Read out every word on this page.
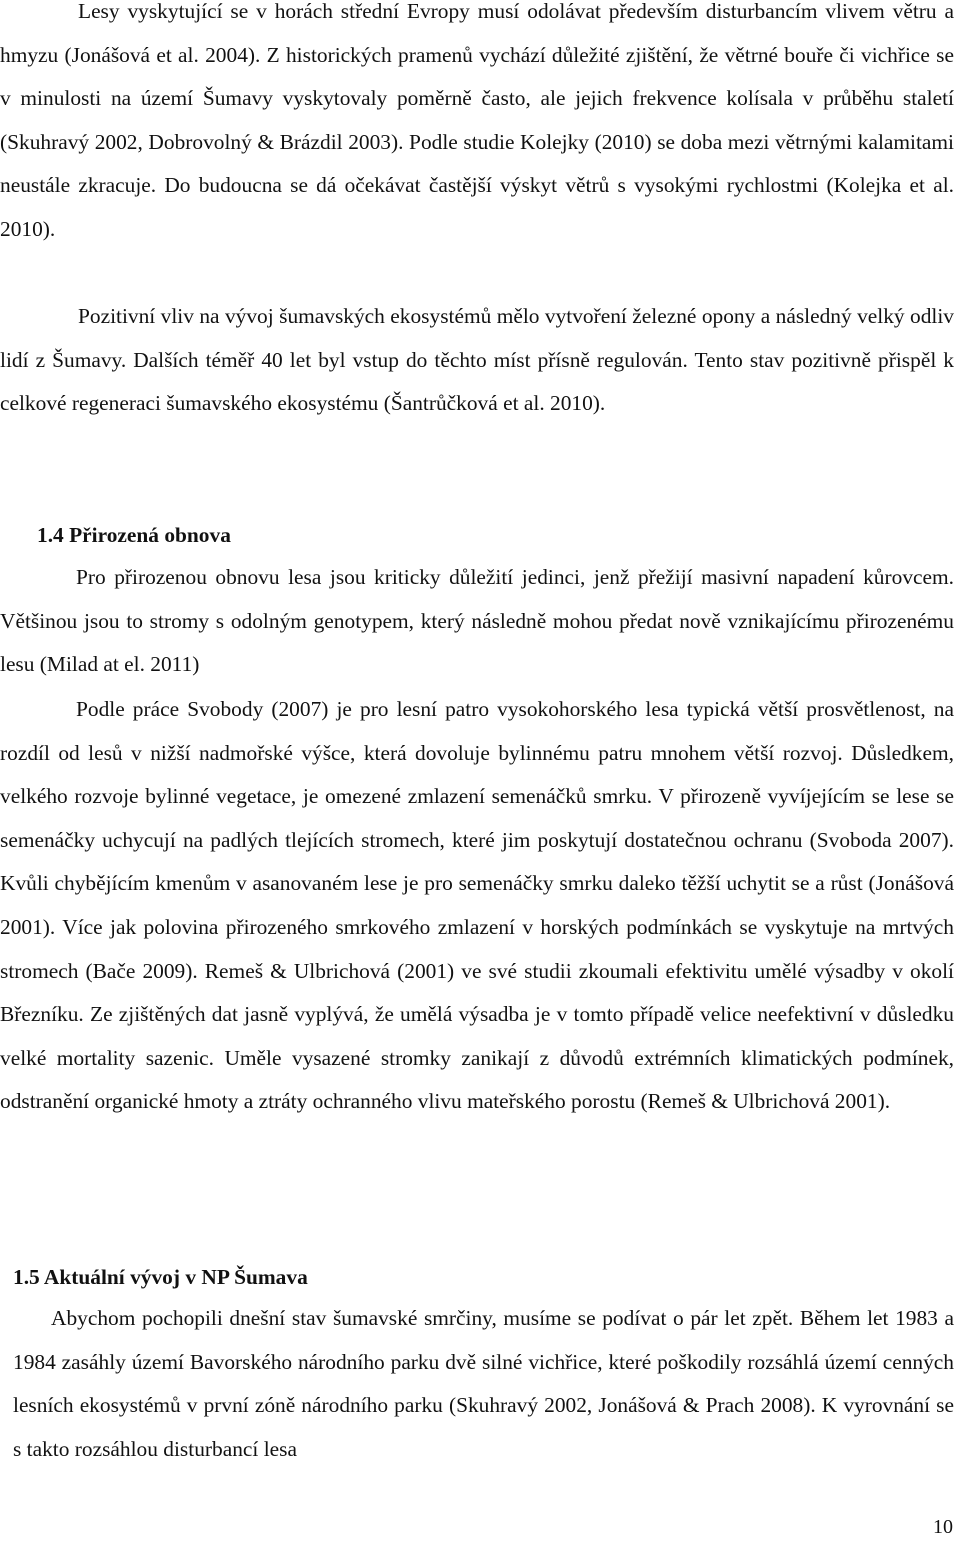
Lesy vyskytující se v horách střední Evropy musí odolávat především disturbancím vlivem větru a hmyzu (Jonášová et al. 2004). Z historických pramenů vychází důležité zjištění, že větrné bouře či vichřice se v minulosti na území Šumavy vyskytovaly poměrně často, ale jejich frekvence kolísala v průběhu staletí (Skuhravý 2002, Dobrovolný & Brázdil 2003). Podle studie Kolejky (2010) se doba mezi větrnými kalamitami neustále zkracuje. Do budoucna se dá očekávat častější výskyt větrů s vysokými rychlostmi (Kolejka et al. 2010).

Pozitivní vliv na vývoj šumavských ekosystémů mělo vytvoření železné opony a následný velký odliv lidí z Šumavy. Dalších téměř 40 let byl vstup do těchto míst přísně regulován. Tento stav pozitivně přispěl k celkové regeneraci šumavského ekosystému (Šantrůčková et al. 2010).

1.4 Přirozená obnova

Pro přirozenou obnovu lesa jsou kriticky důležití jedinci, jenž přežijí masivní napadení kůrovcem. Většinou jsou to stromy s odolným genotypem, který následně mohou předat nově vznikajícímu přirozenému lesu (Milad at el. 2011)

Podle práce Svobody (2007) je pro lesní patro vysokohorského lesa typická větší prosvětlenost, na rozdíl od lesů v nižší nadmořské výšce, která dovoluje bylinnému patru mnohem větší rozvoj. Důsledkem, velkého rozvoje bylinné vegetace, je omezené zmlazení semenáčků smrku. V přirozeně vyvíjejícím se lese se semenáčky uchycují na padlých tlejících stromech, které jim poskytují dostatečnou ochranu (Svoboda 2007). Kvůli chybějícím kmenům v asanovaném lese je pro semenáčky smrku daleko těžší uchytit se a růst (Jonášová 2001). Více jak polovina přirozeného smrkového zmlazení v horských podmínkách se vyskytuje na mrtvých stromech (Bače 2009). Remeš & Ulbrichová (2001) ve své studii zkoumali efektivitu umělé výsadby v okolí Březníku. Ze zjištěných dat jasně vyplývá, že umělá výsadba je v tomto případě velice neefektivní v důsledku velké mortality sazenic. Uměle vysazené stromky zanikají z důvodů extrémních klimatických podmínek, odstranění organické hmoty a ztráty ochranného vlivu mateřského porostu (Remeš & Ulbrichová 2001).

1.5 Aktuální vývoj v NP Šumava

Abychom pochopili dnešní stav šumavské smrčiny, musíme se podívat o pár let zpět. Během let 1983 a 1984 zasáhly území Bavorského národního parku dvě silné vichřice, které poškodily rozsáhlá území cenných lesních ekosystémů v první zóně národního parku (Skuhravý 2002, Jonášová & Prach 2008). K vyrovnání se s takto rozsáhlou disturbancí lesa

10
